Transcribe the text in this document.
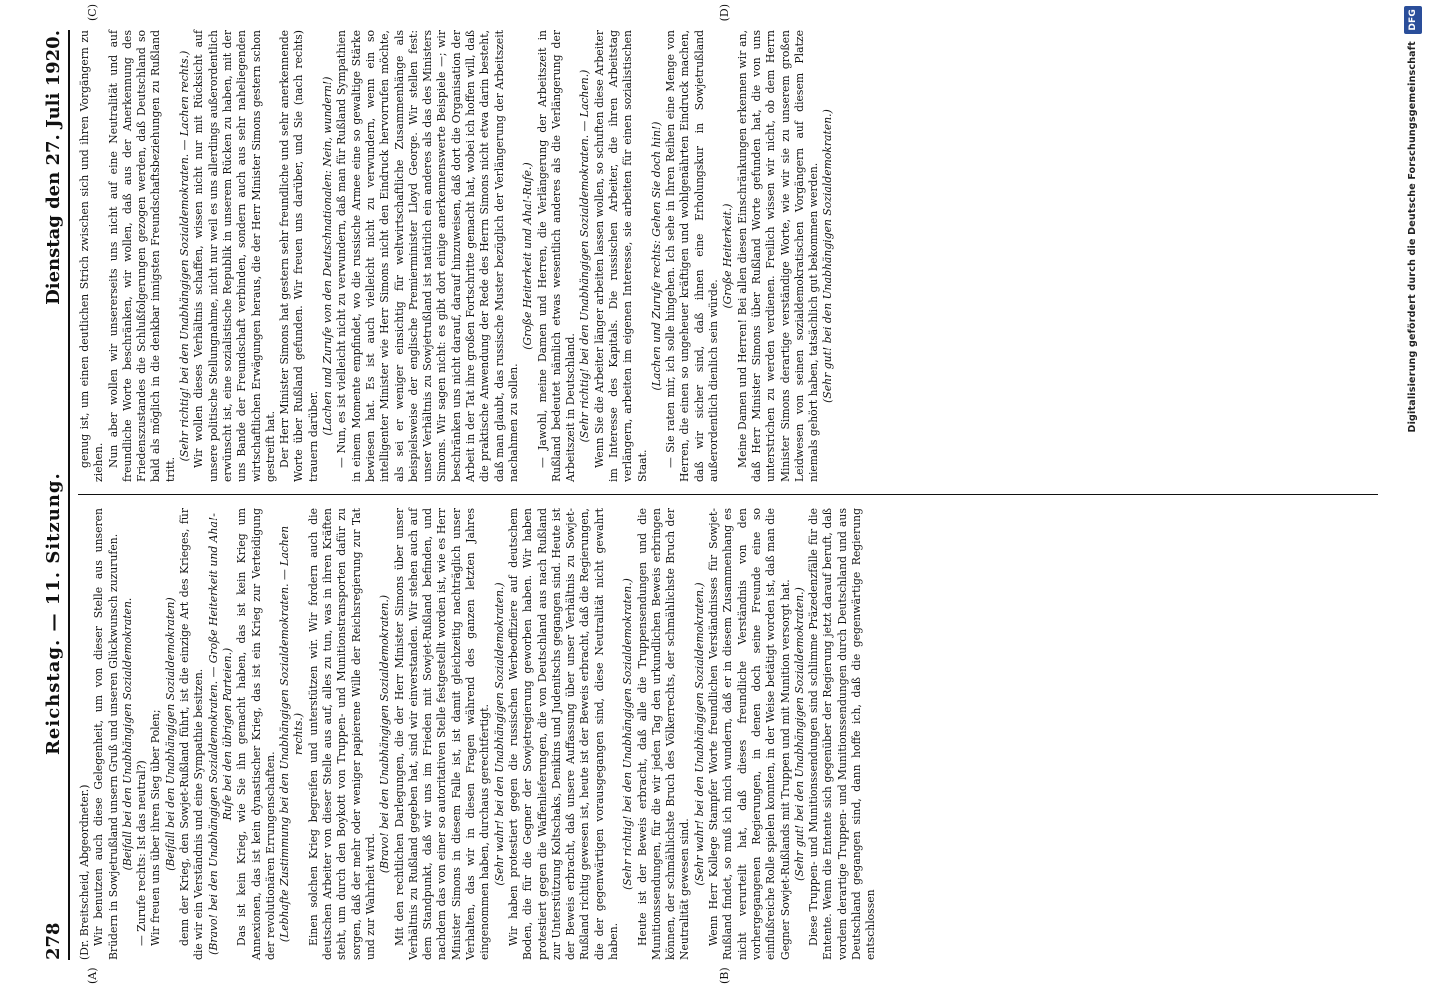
278
Reichstag. — 11. Sitzung.
Dienstag den 27. Juli 1920.
(A)	(B)

(Dr. Breitscheid, Abgeordneter.) Wir benutzen auch diese Gelegenheit, um von dieser Stelle aus unseren Brüdern in Sowjetrußland unsern Gruß und unseren Glückwunsch zuzurufen. (Beifall bei den Unabhängigen Sozialdemokraten. — Zurufe rechts: Ist das neutral?) Wir freuen uns über ihren Sieg über Polen; (Beifall bei den Unabhängigen Sozialdemokraten) denn der Krieg, den Sowjet-Rußland führt, ist die einzige Art des Krieges, für die wir ein Verständnis und eine Sympathie besitzen. (Bravo! bei den Unabhängigen Sozialdemokraten. — Große Heiterkeit und Aha!-Rufe bei den übrigen Parteien.) Das ist kein Krieg, wie Sie ihn gemacht haben, das ist kein Krieg um Annexionen, das ist kein dynastischer Krieg, das ist ein Krieg zur Verteidigung der revolutionären Errungenschaften. (Lebhafte Zustimmung bei den Unabhängigen Sozialdemokraten. — Lachen rechts.) Einen solchen Krieg begreifen und unterstützen wir. Wir fordern auch die deutschen Arbeiter von dieser Stelle aus auf, alles zu tun, was in ihren Kräften steht, um durch den Boykott von Truppen- und Munitionstransporten dafür zu sorgen, daß der mehr oder weniger papierene Wille der Reichsregierung zur Tat und zur Wahrheit wird.

(Bravo! bei den Unabhängigen Sozialdemokraten.) Mit den rechtlichen Darlegungen, die der Herr Minister Simons über unser Verhältnis zu Rußland gegeben hat, sind wir einverstanden. Wir stehen auch auf dem Standpunkt, daß wir uns im Frieden mit Sowjet-Rußland befinden, und nachdem das von einer so autoritativen Stelle festgestellt worden ist, wie es Herr Minister Simons in diesem Falle ist, ist damit gleichzeitig nachträglich unser Verhalten, das wir in diesen Fragen während des ganzen letzten Jahres eingenommen haben, durchaus gerechtfertigt. (Sehr wahr! bei den Unabhängigen Sozialdemokraten.) Wir haben protestiert gegen die russischen Werbeoffiziere auf deutschem Boden, die für die Gegner der Sowjetregierung geworben haben. Wir haben protestiert gegen die Waffenlieferungen, die von Deutschland aus nach Rußland zur Unterstützung Koltschaks, Denikins und Judenitschs gegangen sind. Heute ist der Beweis erbracht, daß unsere Auffassung über unser Verhältnis zu Sowjet-Rußland richtig gewesen ist, heute ist der Beweis erbracht, daß die Regierungen, die der gegenwärtigen vorausgegangen sind, diese Neutralität nicht gewahrt haben.

(Sehr richtig! bei den Unabhängigen Sozialdemokraten.) Heute ist der Beweis erbracht, daß alle die Truppensendungen und die Munitionssendungen, für die wir jeden Tag den urkundlichen Beweis erbringen können, der schmählichste Bruch des Völkerrechts, der schmählichste Bruch der Neutralität gewesen sind.

(Sehr wahr! bei den Unabhängigen Sozialdemokraten.) Wenn Herr Kollege Stampfer Worte freundlichen Verständnisses für Sowjet-Rußland findet, so muß ich mich wundern, daß er in diesem Zusammenhang es nicht verurteilt hat, daß dieses freundliche Verständnis von den vorhergegangenen Regierungen, in denen doch seine Freunde eine so einflußreiche Rolle spielen konnten, in der Weise betätigt worden ist, daß man die Gegner Sowjet-Rußlands mit Truppen und mit Munition versorgt hat. (Sehr gut! bei den Unabhängigen Sozialdemokraten.) Diese Truppen- und Munitionssendungen sind schlimme Präzedenzfälle für die Entente. Wenn die Entente sich gegenüber der Regierung jetzt darauf beruft, daß vordem derartige Truppen- und Munitionssendungen durch Deutschland und aus Deutschland gegangen sind, dann hoffe ich, daß die gegenwärtige Regierung entschlossen

(C)	(D)

genug ist, um einen deutlichen Strich zwischen sich und ihren Vorgängern zu ziehen. Nun aber wollen wir unsererseits uns nicht auf eine Neutralität und auf freundliche Worte beschränken, wir wollen, daß aus der Anerkennung des Friedenszustandes die Schlußfolgerungen gezogen werden, daß Deutschland so bald als möglich in die denkbar innigsten Freundschaftsbeziehungen zu Rußland tritt.

(Sehr richtig! bei den Unabhängigen Sozialdemokraten. — Lachen rechts.) Wir wollen dieses Verhältnis schaffen, wissen nicht nur mit Rücksicht auf unsere politische Stellungnahme, nicht nur weil es uns allerdings außerordentlich erwünscht ist, eine sozialistische Republik in unserem Rücken zu haben, mit der uns Bande der Freundschaft verbinden, sondern auch aus sehr naheliegenden wirtschaftlichen Erwägungen heraus, die der Herr Minister Simons gestern schon gestreift hat. Der Herr Minister Simons hat gestern sehr freundliche und sehr anerkennende Worte über Rußland gefunden. Wir freuen uns darüber, und Sie (nach rechts) trauern darüber.

(Lachen und Zurufe von den Deutschnationalen: Nein, wundern!) — Nun, es ist vielleicht nicht zu verwundern, daß man für Rußland Sympathien in einem Momente empfindet, wo die russische Armee eine so gewaltige Stärke bewiesen hat. Es ist auch vielleicht nicht zu verwundern, wenn ein so intelligenter Minister wie Herr Simons nicht den Eindruck hervorrufen möchte, als sei er weniger einsichtig für weltwirtschaftliche Zusammenhänge als beispielsweise der englische Premierminister Lloyd George. Wir stellen fest: unser Verhältnis zu Sowjetrußland ist natürlich ein anderes als das des Ministers Simons. Wir sagen nicht: es gibt dort einige anerkennenswerte Beispiele —; wir beschränken uns nicht darauf, darauf hinzuweisen, daß dort die Organisation der Arbeit in der Tat ihre großen Fortschritte gemacht hat, wobei ich hoffen will, daß die praktische Anwendung der Rede des Herrn Simons nicht etwa darin besteht, daß man glaubt, das russische Muster bezüglich der Verlängerung der Arbeitszeit nachahmen zu sollen.

(Große Heiterkeit und Aha!-Rufe.) — Jawohl, meine Damen und Herren, die Verlängerung der Arbeitszeit in Rußland bedeutet nämlich etwas wesentlich anderes als die Verlängerung der Arbeitszeit in Deutschland. (Sehr richtig! bei den Unabhängigen Sozialdemokraten. — Lachen.) Wenn Sie die Arbeiter länger arbeiten lassen wollen, so schuften diese Arbeiter im Interesse des Kapitals. Die russischen Arbeiter, die ihren Arbeitstag verlängern, arbeiten im eigenen Interesse, sie arbeiten für einen sozialistischen Staat.

(Lachen und Zurufe rechts: Gehen Sie doch hin!) — Sie raten mir, ich solle hingehen. Ich sehe in Ihren Reihen eine Menge von Herren, die einen so ungeheuer kräftigen und wohlgenährten Eindruck machen, daß wir sicher sind, daß ihnen eine Erholungskur in Sowjetrußland außerordentlich dienlich sein würde.

(Große Heiterkeit.) Meine Damen und Herren! Bei allen diesen Einschränkungen erkennen wir an, daß Herr Minister Simons über Rußland Worte gefunden hat, die von uns unterstrichen zu werden verdienen. Freilich wissen wir nicht, ob dem Herrn Minister Simons derartige verständige Worte, wie wir sie zu unserem großen Leidwesen von seinen sozialdemokratischen Vorgängern auf diesem Platze niemals gehört haben, tatsächlich gut bekommen werden. (Sehr gut! bei den Unabhängigen Sozialdemokraten.)	Digitalisierung gefördert durch die Deutsche Forschungsgemeinschaft DFG
